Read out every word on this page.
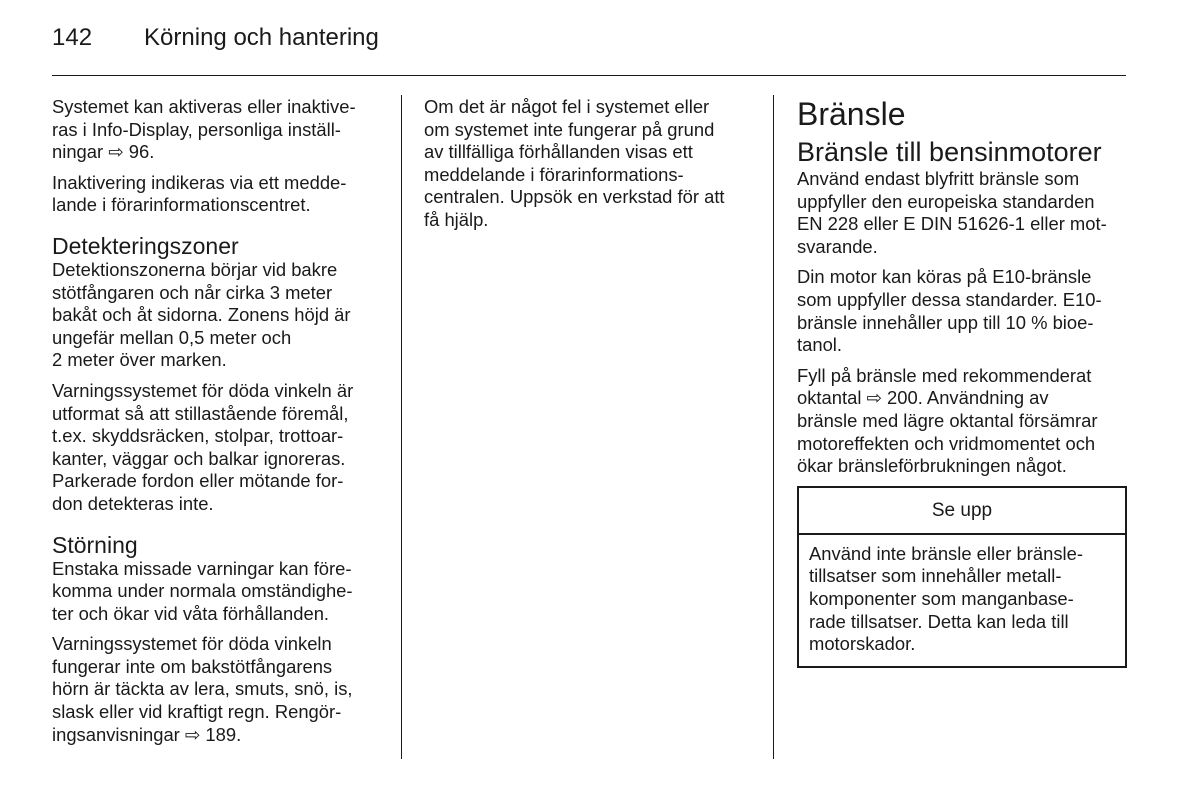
142 Körning och hantering

Systemet kan aktiveras eller inaktive-
ras i Info-Display, personliga inställ-
ningar ⇨ 96.

Inaktivering indikeras via ett medde-
lande i förarinformationscentret.

Detekteringszoner

Detektionszonerna börjar vid bakre
stötfångaren och når cirka 3 meter
bakåt och åt sidorna. Zonens höjd är
ungefär mellan 0,5 meter och
2 meter över marken.

Varningssystemet för döda vinkeln är
utformat så att stillastående föremål,
t.ex. skyddsräcken, stolpar, trottoar-
kanter, väggar och balkar ignoreras.
Parkerade fordon eller mötande for-
don detekteras inte.

Störning

Enstaka missade varningar kan före-
komma under normala omständighe-
ter och ökar vid våta förhållanden.

Varningssystemet för döda vinkeln
fungerar inte om bakstötfångarens
hörn är täckta av lera, smuts, snö, is,
slask eller vid kraftigt regn. Rengör-
ingsanvisningar ⇨ 189.

Om det är något fel i systemet eller
om systemet inte fungerar på grund
av tillfälliga förhållanden visas ett
meddelande i förarinformations-
centralen. Uppsök en verkstad för att
få hjälp.

Bränsle
Bränsle till bensinmotorer

Använd endast blyfritt bränsle som
uppfyller den europeiska standarden
EN 228 eller E DIN 51626-1 eller mot-
svarande.

Din motor kan köras på E10-bränsle
som uppfyller dessa standarder. E10-
bränsle innehåller upp till 10 % bioe-
tanol.

Fyll på bränsle med rekommenderat
oktantal ⇨ 200. Användning av
bränsle med lägre oktantal försämrar
motoreffekten och vridmomentet och
ökar bränsleförbrukningen något.

Se upp
Använd inte bränsle eller bränsle-
tillsatser som innehåller metall-
komponenter som manganbase-
rade tillsatser. Detta kan leda till
motorskador.
